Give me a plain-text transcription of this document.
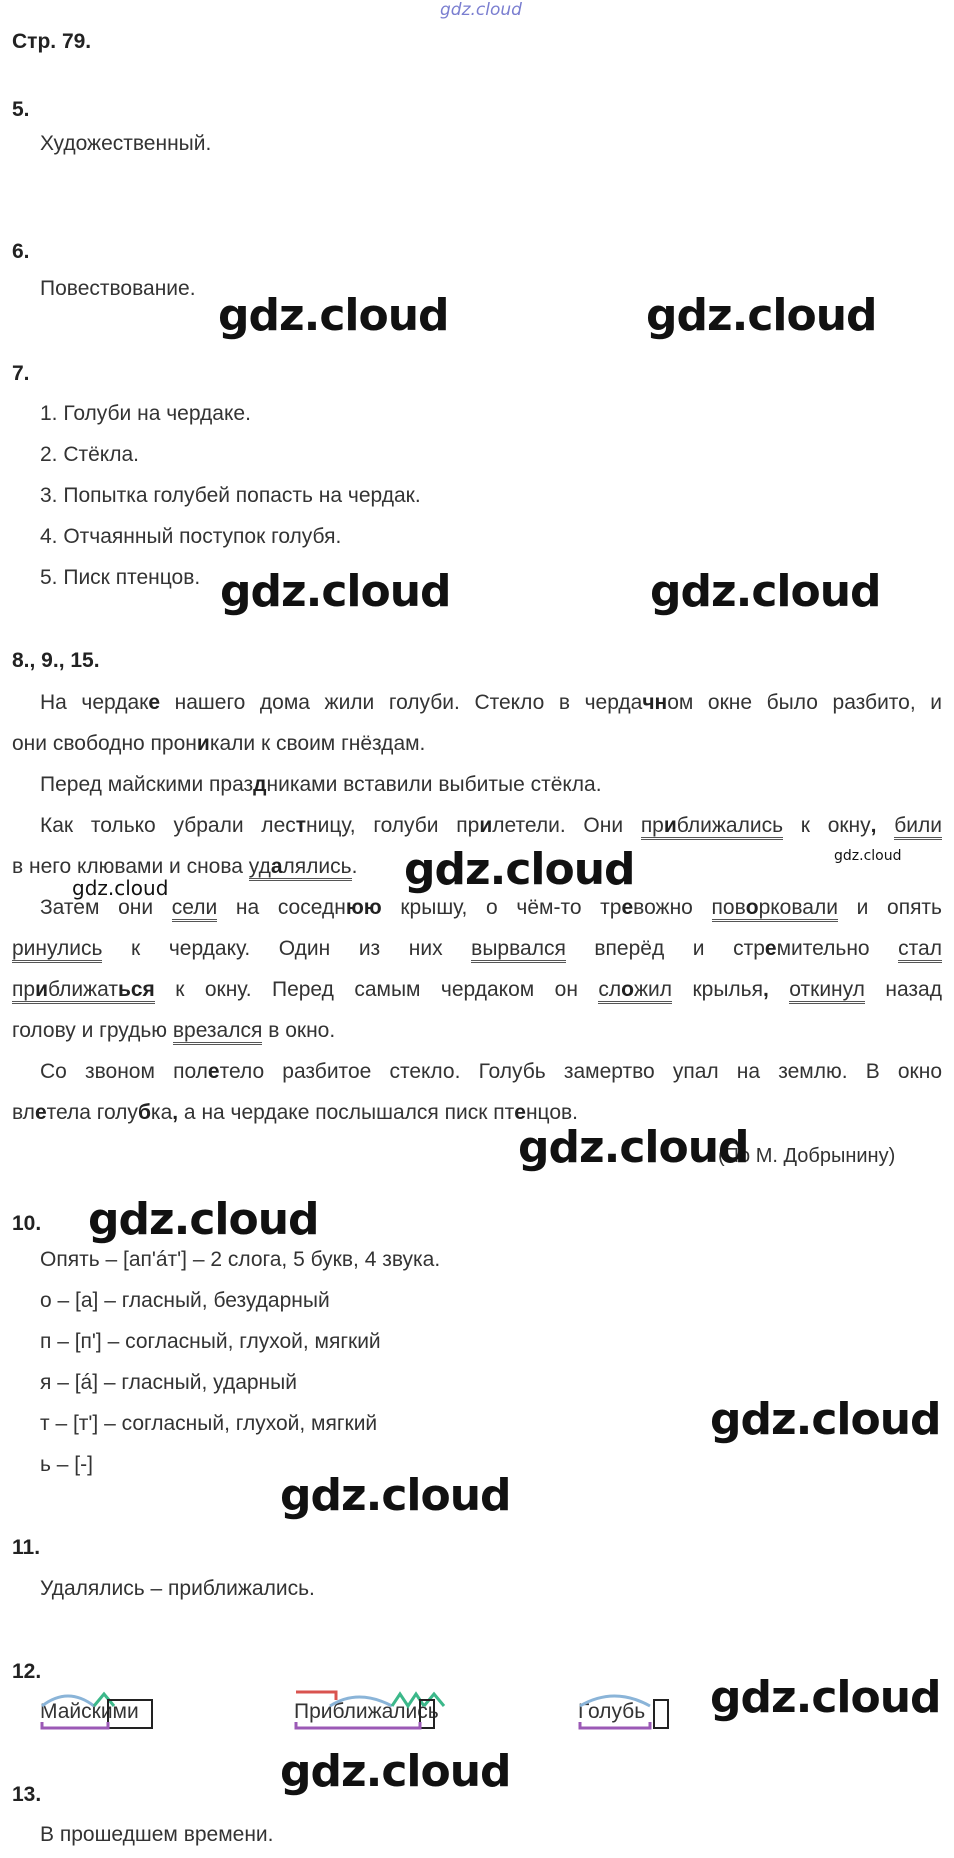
gdz.cloud
Стр. 79.
5.
Художественный.
6.
Повествование.
7.
1. Голуби на чердаке.
2. Стёкла.
3. Попытка голубей попасть на чердак.
4. Отчаянный поступок голубя.
5. Писк птенцов.
8., 9., 15.
На чердаке нашего дома жили голуби. Стекло в чердачном окне было разбито, и
они свободно проникали к своим гнёздам.
Перед майскими праздниками вставили выбитые стёкла.
Как только убрали лестницу, голуби прилетели. Они приближались к окну, били
в него клювами и снова удалялись.
Затем они сели на соседнюю крышу, о чём-то тревожно поворковали и опять
ринулись к чердаку. Один из них вырвался вперёд и стремительно стал
приближаться к окну. Перед самым чердаком он сложил крылья, откинул назад
голову и грудью врезался в окно.
Со звоном полетело разбитое стекло. Голубь замертво упал на землю. В окно
влетела голубка, а на чердаке послышался писк птенцов.
(По М. Добрынину)
10.
Опять – [ап'áт'] – 2 слога, 5 букв, 4 звука.
о – [а] – гласный, безударный
п – [п'] – согласный, глухой, мягкий
я – [á] – гласный, ударный
т – [т'] – согласный, глухой, мягкий
ь – [-]
11.
Удалялись – приближались.
12.
Майскими	Приближались	Голубь
13.
В прошедшем времени.
gdz.cloud	gdz.cloud
gdz.cloud	gdz.cloud
gdz.cloud	gdz.cloud
gdz.cloud
gdz.cloud
gdz.cloud
gdz.cloud
gdz.cloud
gdz.cloud
gdz.cloud
